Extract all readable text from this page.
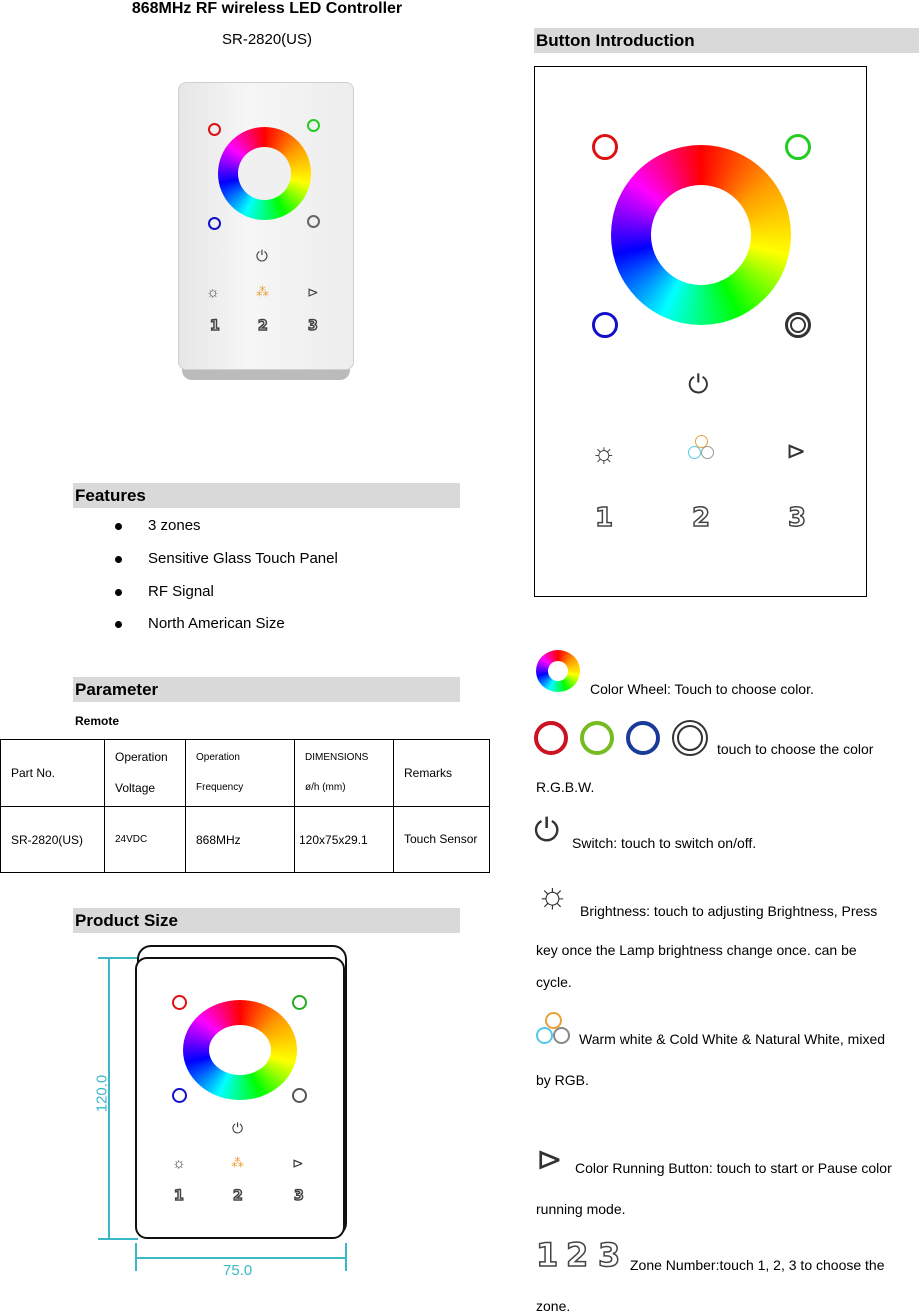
868MHz RF wireless LED Controller
SR-2820(US)
⏻
☼	⁂	⊳
1	2	3
Features
3 zones
Sensitive Glass Touch Panel
RF Signal
North American Size
Parameter
Remote
Part No.	Operation Voltage	Operation Frequency	DIMENSIONS ø/h (mm)	Remarks
SR-2820(US)	24VDC	868MHz	120x75x29.1	Touch Sensor
Product Size
120.0
75.0
⏻
☼	⁂	⊳
1	2	3
Button Introduction
⏻
☼	⊳
1	2	3
Color Wheel: Touch to choose color.
touch to choose the color
R.G.B.W.
⏻ Switch: touch to switch on/off.
☼ Brightness: touch to adjusting Brightness, Press
key once the Lamp brightness change once. can be
cycle.
Warm white & Cold White & Natural White, mixed
by RGB.
⊳ Color Running Button: touch to start or Pause color
running mode.
1 2 3 Zone Number:touch 1, 2, 3 to choose the
zone.
